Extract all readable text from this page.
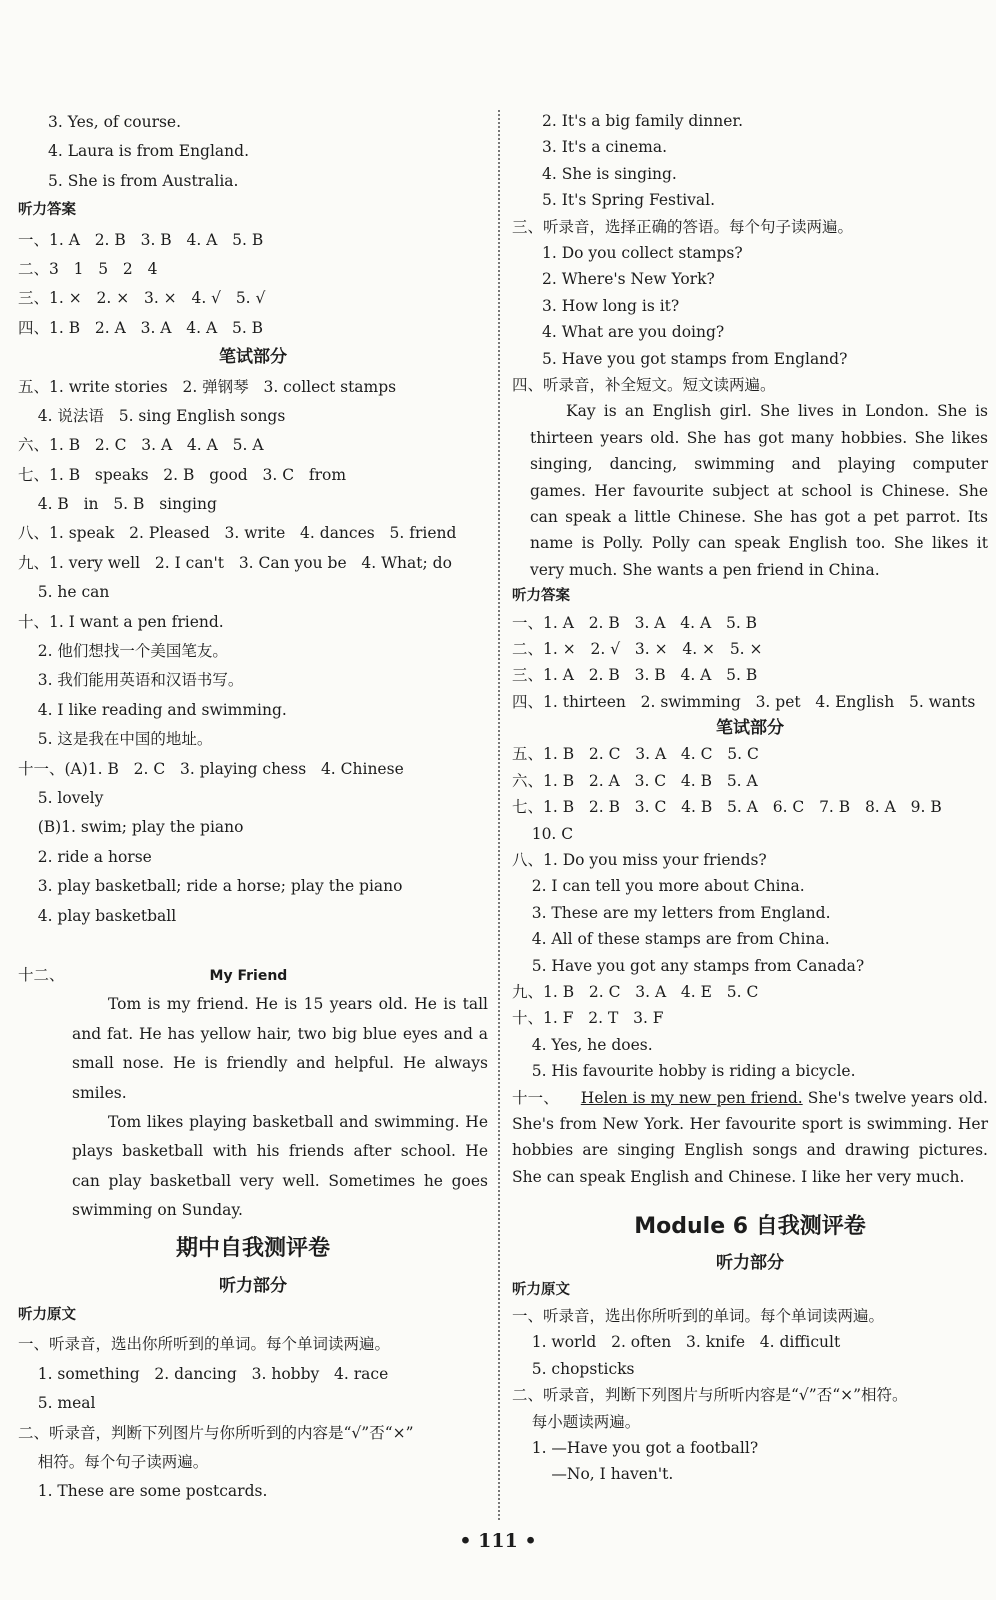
3. Yes, of course.
4. Laura is from England.
5. She is from Australia.
听力答案
一、1. A   2. B   3. B   4. A   5. B
二、3   1   5   2   4
三、1. ×   2. ×   3. ×   4. √   5. √
四、1. B   2. A   3. A   4. A   5. B
笔试部分
五、1. write stories   2. 弹钢琴   3. collect stamps
4. 说法语   5. sing English songs
六、1. B   2. C   3. A   4. A   5. A
七、1. B   speaks   2. B   good   3. C   from
4. B   in   5. B   singing
八、1. speak   2. Pleased   3. write   4. dances   5. friend
九、1. very well   2. I can't   3. Can you be   4. What; do
5. he can
十、1. I want a pen friend.
2. 他们想找一个美国笔友。
3. 我们能用英语和汉语书写。
4. I like reading and swimming.
5. 这是我在中国的地址。
十一、(A)1. B   2. C   3. playing chess   4. Chinese
5. lovely
(B)1. swim; play the piano
2. ride a horse
3. play basketball; ride a horse; play the piano
4. play basketball
十二、	My Friend

Tom is my friend. He is 15 years old. He is tall and fat. He has yellow hair, two big blue eyes and a small nose. He is friendly and helpful. He always smiles.

Tom likes playing basketball and swimming. He plays basketball with his friends after school. He can play basketball very well. Sometimes he goes swimming on Sunday.

期中自我测评卷
听力部分
听力原文
一、听录音，选出你所听到的单词。每个单词读两遍。
1. something   2. dancing   3. hobby   4. race
5. meal
二、听录音，判断下列图片与你所听到的内容是“√”否“×”
相符。每个句子读两遍。
1. These are some postcards.
2. It's a big family dinner.
3. It's a cinema.
4. She is singing.
5. It's Spring Festival.
三、听录音，选择正确的答语。每个句子读两遍。
1. Do you collect stamps?
2. Where's New York?
3. How long is it?
4. What are you doing?
5. Have you got stamps from England?
四、听录音，补全短文。短文读两遍。

Kay is an English girl. She lives in London. She is thirteen years old. She has got many hobbies. She likes singing, dancing, swimming and playing computer games. Her favourite subject at school is Chinese. She can speak a little Chinese. She has got a pet parrot. Its name is Polly. Polly can speak English too. She likes it very much. She wants a pen friend in China.

听力答案
一、1. A   2. B   3. A   4. A   5. B
二、1. ×   2. √   3. ×   4. ×   5. ×
三、1. A   2. B   3. B   4. A   5. B
四、1. thirteen   2. swimming   3. pet   4. English   5. wants
笔试部分
五、1. B   2. C   3. A   4. C   5. C
六、1. B   2. A   3. C   4. B   5. A
七、1. B   2. B   3. C   4. B   5. A   6. C   7. B   8. A   9. B
10. C
八、1. Do you miss your friends?
2. I can tell you more about China.
3. These are my letters from England.
4. All of these stamps are from China.
5. Have you got any stamps from Canada?
九、1. B   2. C   3. A   4. E   5. C
十、1. F   2. T   3. F
4. Yes, he does.
5. His favourite hobby is riding a bicycle.

十一、 Helen is my new pen friend. She's twelve years old. She's from New York. Her favourite sport is swimming. Her hobbies are singing English songs and drawing pictures. She can speak English and Chinese. I like her very much.

Module 6 自我测评卷
听力部分
听力原文
一、听录音，选出你所听到的单词。每个单词读两遍。
1. world   2. often   3. knife   4. difficult
5. chopsticks
二、听录音，判断下列图片与所听内容是“√”否“×”相符。
每小题读两遍。
1. —Have you got a football?
—No, I haven't.
• 111 •
